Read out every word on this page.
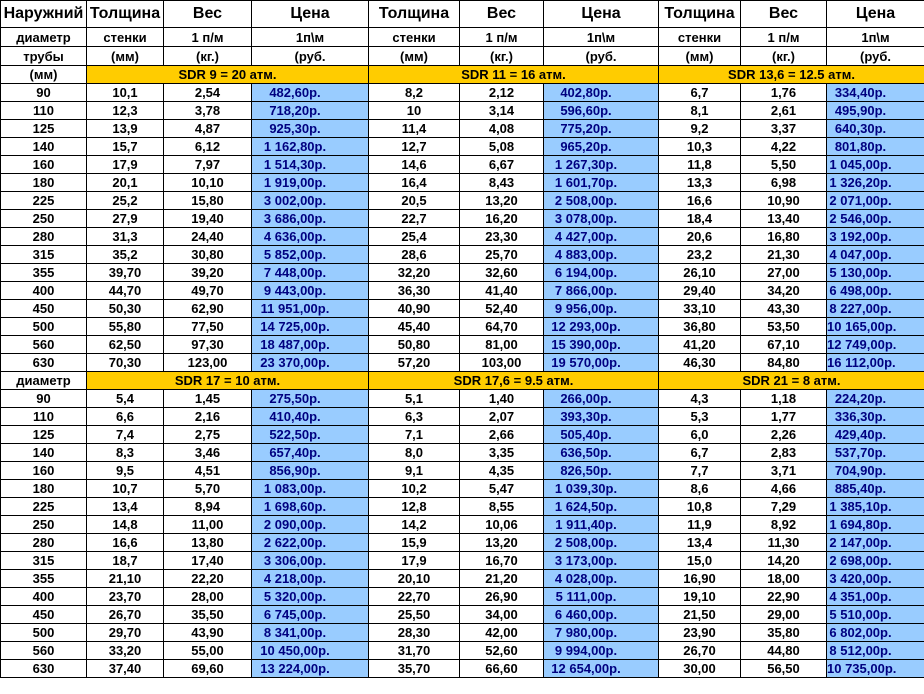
Наружний	Толщина	Вес	Цена	Толщина	Вес	Цена	Толщина	Вес	Цена
диаметр	стенки	1 п/м	1п\м	стенки	1 п/м	1п\м	стенки	1 п/м	1п\м
трубы	(мм)	(кг.)	(руб.	(мм)	(кг.)	(руб.	(мм)	(кг.)	(руб.
(мм)	SDR 9 = 20 атм.			SDR 11 = 16 атм.			SDR 13,6 = 12.5 атм.		
90	10,1	2,54	482,60р.	8,2	2,12	402,80р.	6,7	1,76	334,40р.
110	12,3	3,78	718,20р.	10	3,14	596,60р.	8,1	2,61	495,90р.
125	13,9	4,87	925,30р.	11,4	4,08	775,20р.	9,2	3,37	640,30р.
140	15,7	6,12	1 162,80р.	12,7	5,08	965,20р.	10,3	4,22	801,80р.
160	17,9	7,97	1 514,30р.	14,6	6,67	1 267,30р.	11,8	5,50	1 045,00р.
180	20,1	10,10	1 919,00р.	16,4	8,43	1 601,70р.	13,3	6,98	1 326,20р.
225	25,2	15,80	3 002,00р.	20,5	13,20	2 508,00р.	16,6	10,90	2 071,00р.
250	27,9	19,40	3 686,00р.	22,7	16,20	3 078,00р.	18,4	13,40	2 546,00р.
280	31,3	24,40	4 636,00р.	25,4	23,30	4 427,00р.	20,6	16,80	3 192,00р.
315	35,2	30,80	5 852,00р.	28,6	25,70	4 883,00р.	23,2	21,30	4 047,00р.
355	39,70	39,20	7 448,00р.	32,20	32,60	6 194,00р.	26,10	27,00	5 130,00р.
400	44,70	49,70	9 443,00р.	36,30	41,40	7 866,00р.	29,40	34,20	6 498,00р.
450	50,30	62,90	11 951,00р.	40,90	52,40	9 956,00р.	33,10	43,30	8 227,00р.
500	55,80	77,50	14 725,00р.	45,40	64,70	12 293,00р.	36,80	53,50	10 165,00р.
560	62,50	97,30	18 487,00р.	50,80	81,00	15 390,00р.	41,20	67,10	12 749,00р.
630	70,30	123,00	23 370,00р.	57,20	103,00	19 570,00р.	46,30	84,80	16 112,00р.
диаметр	SDR 17 = 10 атм.			SDR 17,6 = 9.5 атм.			SDR 21 = 8 атм.		
90	5,4	1,45	275,50р.	5,1	1,40	266,00р.	4,3	1,18	224,20р.
110	6,6	2,16	410,40р.	6,3	2,07	393,30р.	5,3	1,77	336,30р.
125	7,4	2,75	522,50р.	7,1	2,66	505,40р.	6,0	2,26	429,40р.
140	8,3	3,46	657,40р.	8,0	3,35	636,50р.	6,7	2,83	537,70р.
160	9,5	4,51	856,90р.	9,1	4,35	826,50р.	7,7	3,71	704,90р.
180	10,7	5,70	1 083,00р.	10,2	5,47	1 039,30р.	8,6	4,66	885,40р.
225	13,4	8,94	1 698,60р.	12,8	8,55	1 624,50р.	10,8	7,29	1 385,10р.
250	14,8	11,00	2 090,00р.	14,2	10,06	1 911,40р.	11,9	8,92	1 694,80р.
280	16,6	13,80	2 622,00р.	15,9	13,20	2 508,00р.	13,4	11,30	2 147,00р.
315	18,7	17,40	3 306,00р.	17,9	16,70	3 173,00р.	15,0	14,20	2 698,00р.
355	21,10	22,20	4 218,00р.	20,10	21,20	4 028,00р.	16,90	18,00	3 420,00р.
400	23,70	28,00	5 320,00р.	22,70	26,90	5 111,00р.	19,10	22,90	4 351,00р.
450	26,70	35,50	6 745,00р.	25,50	34,00	6 460,00р.	21,50	29,00	5 510,00р.
500	29,70	43,90	8 341,00р.	28,30	42,00	7 980,00р.	23,90	35,80	6 802,00р.
560	33,20	55,00	10 450,00р.	31,70	52,60	9 994,00р.	26,70	44,80	8 512,00р.
630	37,40	69,60	13 224,00р.	35,70	66,60	12 654,00р.	30,00	56,50	10 735,00р.
